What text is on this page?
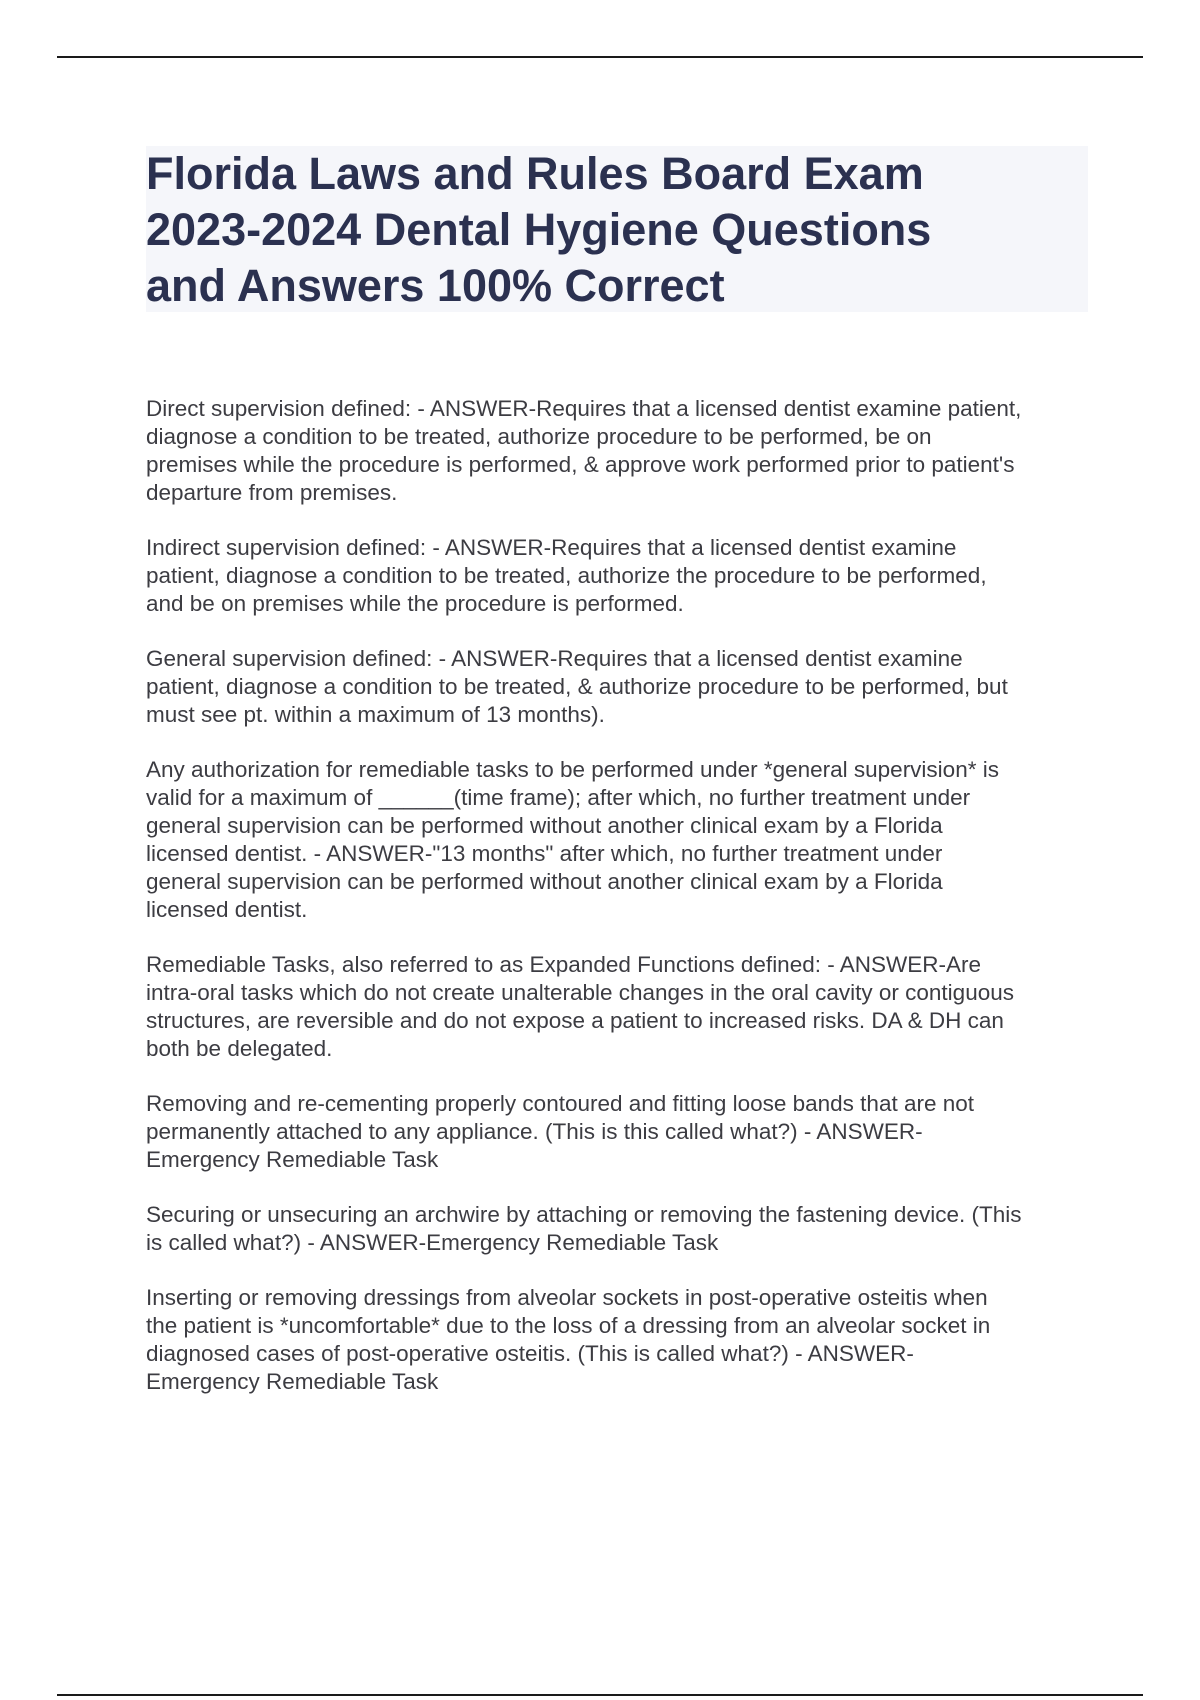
Florida Laws and Rules Board Exam
2023-2024 Dental Hygiene Questions
and Answers 100% Correct

Direct supervision defined: - ANSWER-Requires that a licensed dentist examine patient,
diagnose a condition to be treated, authorize procedure to be performed, be on
premises while the procedure is performed, & approve work performed prior to patient's
departure from premises.

Indirect supervision defined: - ANSWER-Requires that a licensed dentist examine
patient, diagnose a condition to be treated, authorize the procedure to be performed,
and be on premises while the procedure is performed.

General supervision defined: - ANSWER-Requires that a licensed dentist examine
patient, diagnose a condition to be treated, & authorize procedure to be performed, but
must see pt. within a maximum of 13 months).

Any authorization for remediable tasks to be performed under *general supervision* is
valid for a maximum of ______(time frame); after which, no further treatment under
general supervision can be performed without another clinical exam by a Florida
licensed dentist. - ANSWER-"13 months" after which, no further treatment under
general supervision can be performed without another clinical exam by a Florida
licensed dentist.

Remediable Tasks, also referred to as Expanded Functions defined: - ANSWER-Are
intra-oral tasks which do not create unalterable changes in the oral cavity or contiguous
structures, are reversible and do not expose a patient to increased risks. DA & DH can
both be delegated.

Removing and re-cementing properly contoured and fitting loose bands that are not
permanently attached to any appliance. (This is this called what?) - ANSWER-
Emergency Remediable Task

Securing or unsecuring an archwire by attaching or removing the fastening device. (This
is called what?) - ANSWER-Emergency Remediable Task

Inserting or removing dressings from alveolar sockets in post-operative osteitis when
the patient is *uncomfortable* due to the loss of a dressing from an alveolar socket in
diagnosed cases of post-operative osteitis. (This is called what?) - ANSWER-
Emergency Remediable Task
